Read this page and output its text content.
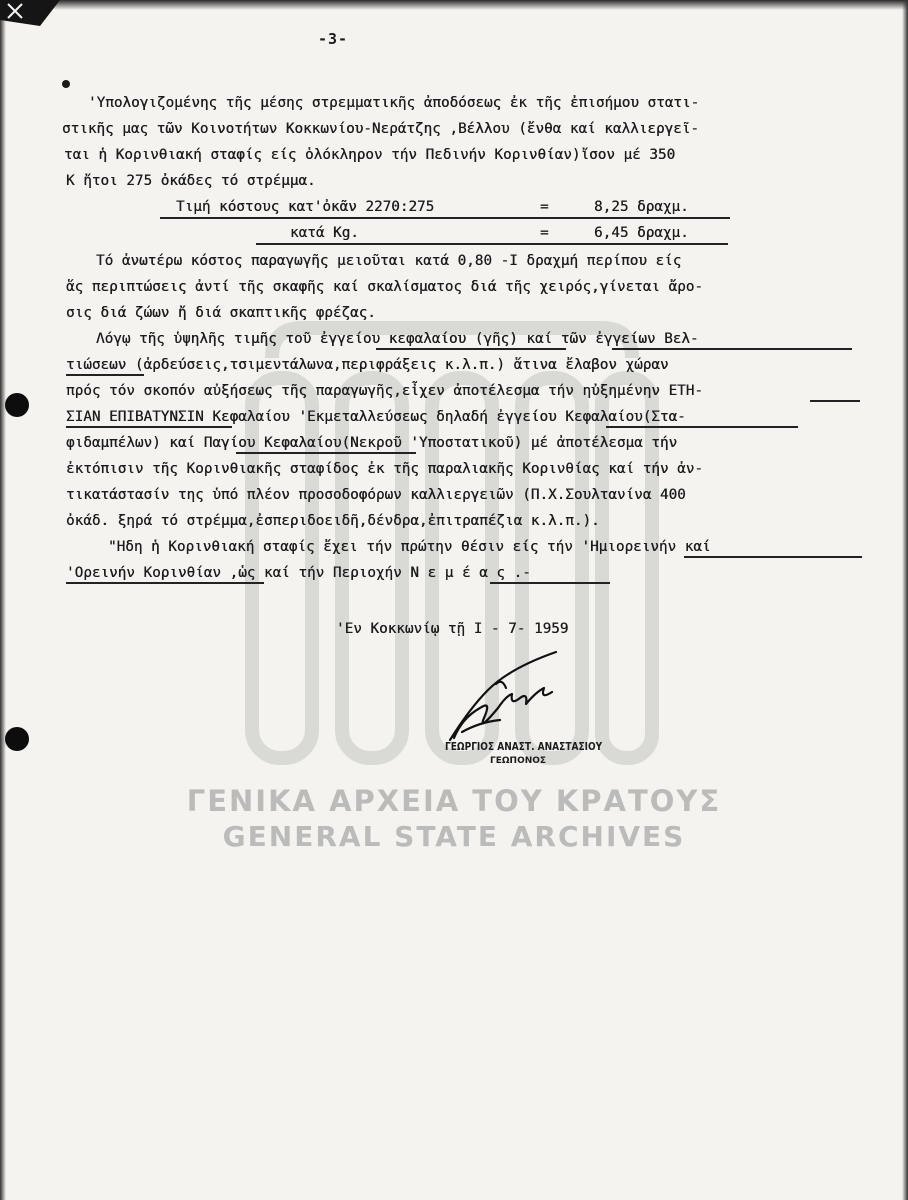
-3-
'Υπολογιζομένης τῆς μέσης στρεμματικῆς ἀποδόσεως ἐκ τῆς ἐπισήμου στατι-
στικῆς μας τῶν Κοινοτήτων Κοκκωνίου-Νεράτζης ,Βέλλου (ἔνθα καί καλλιεργεῖ-
ται ἡ Κορινθιακή σταφίς είς ὁλόκληρον τήν Πεδινήν Κορινθίαν)ἴσον μέ 350
Κ ἤτοι 275 ὀκάδες τό στρέμμα.
Τιμή κόστους κατ'ὀκᾶν 2270:275	=	8,25 δραχμ.
κατά Κg.	=	6,45 δραχμ.
Τό ἀνωτέρω κόστος παραγωγῆς μειοῦται κατά 0,80 -Ι δραχμή περίπου είς
ἅς περιπτώσεις ἀντί τῆς σκαφῆς καί σκαλίσματος διά τῆς χειρός,γίνεται ἄρο-
σις διά ζώων ἤ διά σκαπτικῆς φρέζας.
Λόγῳ τῆς ὑψηλῆς τιμῆς τοῦ ἐγγείου κεφαλαίου (γῆς) καί τῶν ἐγγείων Βελ-
τιώσεων (ἀρδεύσεις,τσιμεντάλωνα,περιφράξεις κ.λ.π.) ἅτινα ἔλαβον χώραν
πρός τόν σκοπόν αὐξήσεως τῆς παραγωγῆς,εἶχεν ἀποτέλεσμα τήν ηὐξημένην ΕΤΗ-
ΣΙΑΝ ΕΠΙΒΑΤΥΝΣΙΝ Κεφαλαίου 'Εκμεταλλεύσεως δηλαδή ἐγγείου Κεφαλαίου(Στα-
φιδαμπέλων) καί Παγίου Κεφαλαίου(Νεκροῦ 'Υποστατικοῦ) μέ ἀποτέλεσμα τήν
ἐκτόπισιν τῆς Κορινθιακῆς σταφίδος ἐκ τῆς παραλιακῆς Κορινθίας καί τήν ἀν-
τικατάστασίν της ὑπό πλέον προσοδοφόρων καλλιεργειῶν (Π.Χ.Σουλτανίνα 400
ὀκάδ. ξηρά τό στρέμμα,ἐσπεριδοειδῆ,δένδρα,ἐπιτραπέζια κ.λ.π.).
"Ηδη ἡ Κορινθιακή σταφίς ἔχει τήν πρώτην θέσιν είς τήν 'Ημιορεινήν καί
'Ορεινήν Κορινθίαν ,ὡς καί τήν Περιοχήν Ν ε μ έ α ς .-
'Εν Κοκκωνίῳ τῇ Ι - 7- 1959
ΓΕΩΡΓΙΟΣ ΑΝΑΣΤ. ΑΝΑΣΤΑΣΙΟΥ
ΓΕΩΠΟΝΟΣ
ΓΕΝΙΚΑ ΑΡΧΕΙΑ ΤΟΥ ΚΡΑΤΟΥΣ
GENERAL STATE ARCHIVES
